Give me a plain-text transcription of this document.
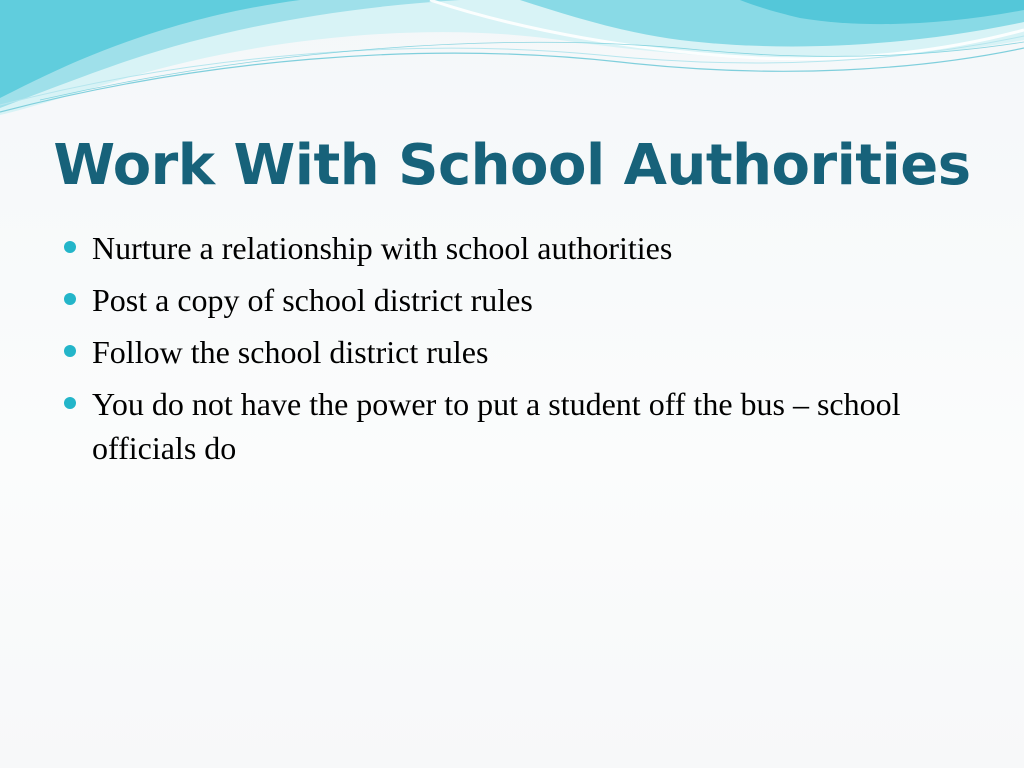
Work With School Authorities
Nurture a relationship with school authorities
Post a copy of school district rules
Follow the school district rules
You do not have the power to put a student off the bus – school officials do
